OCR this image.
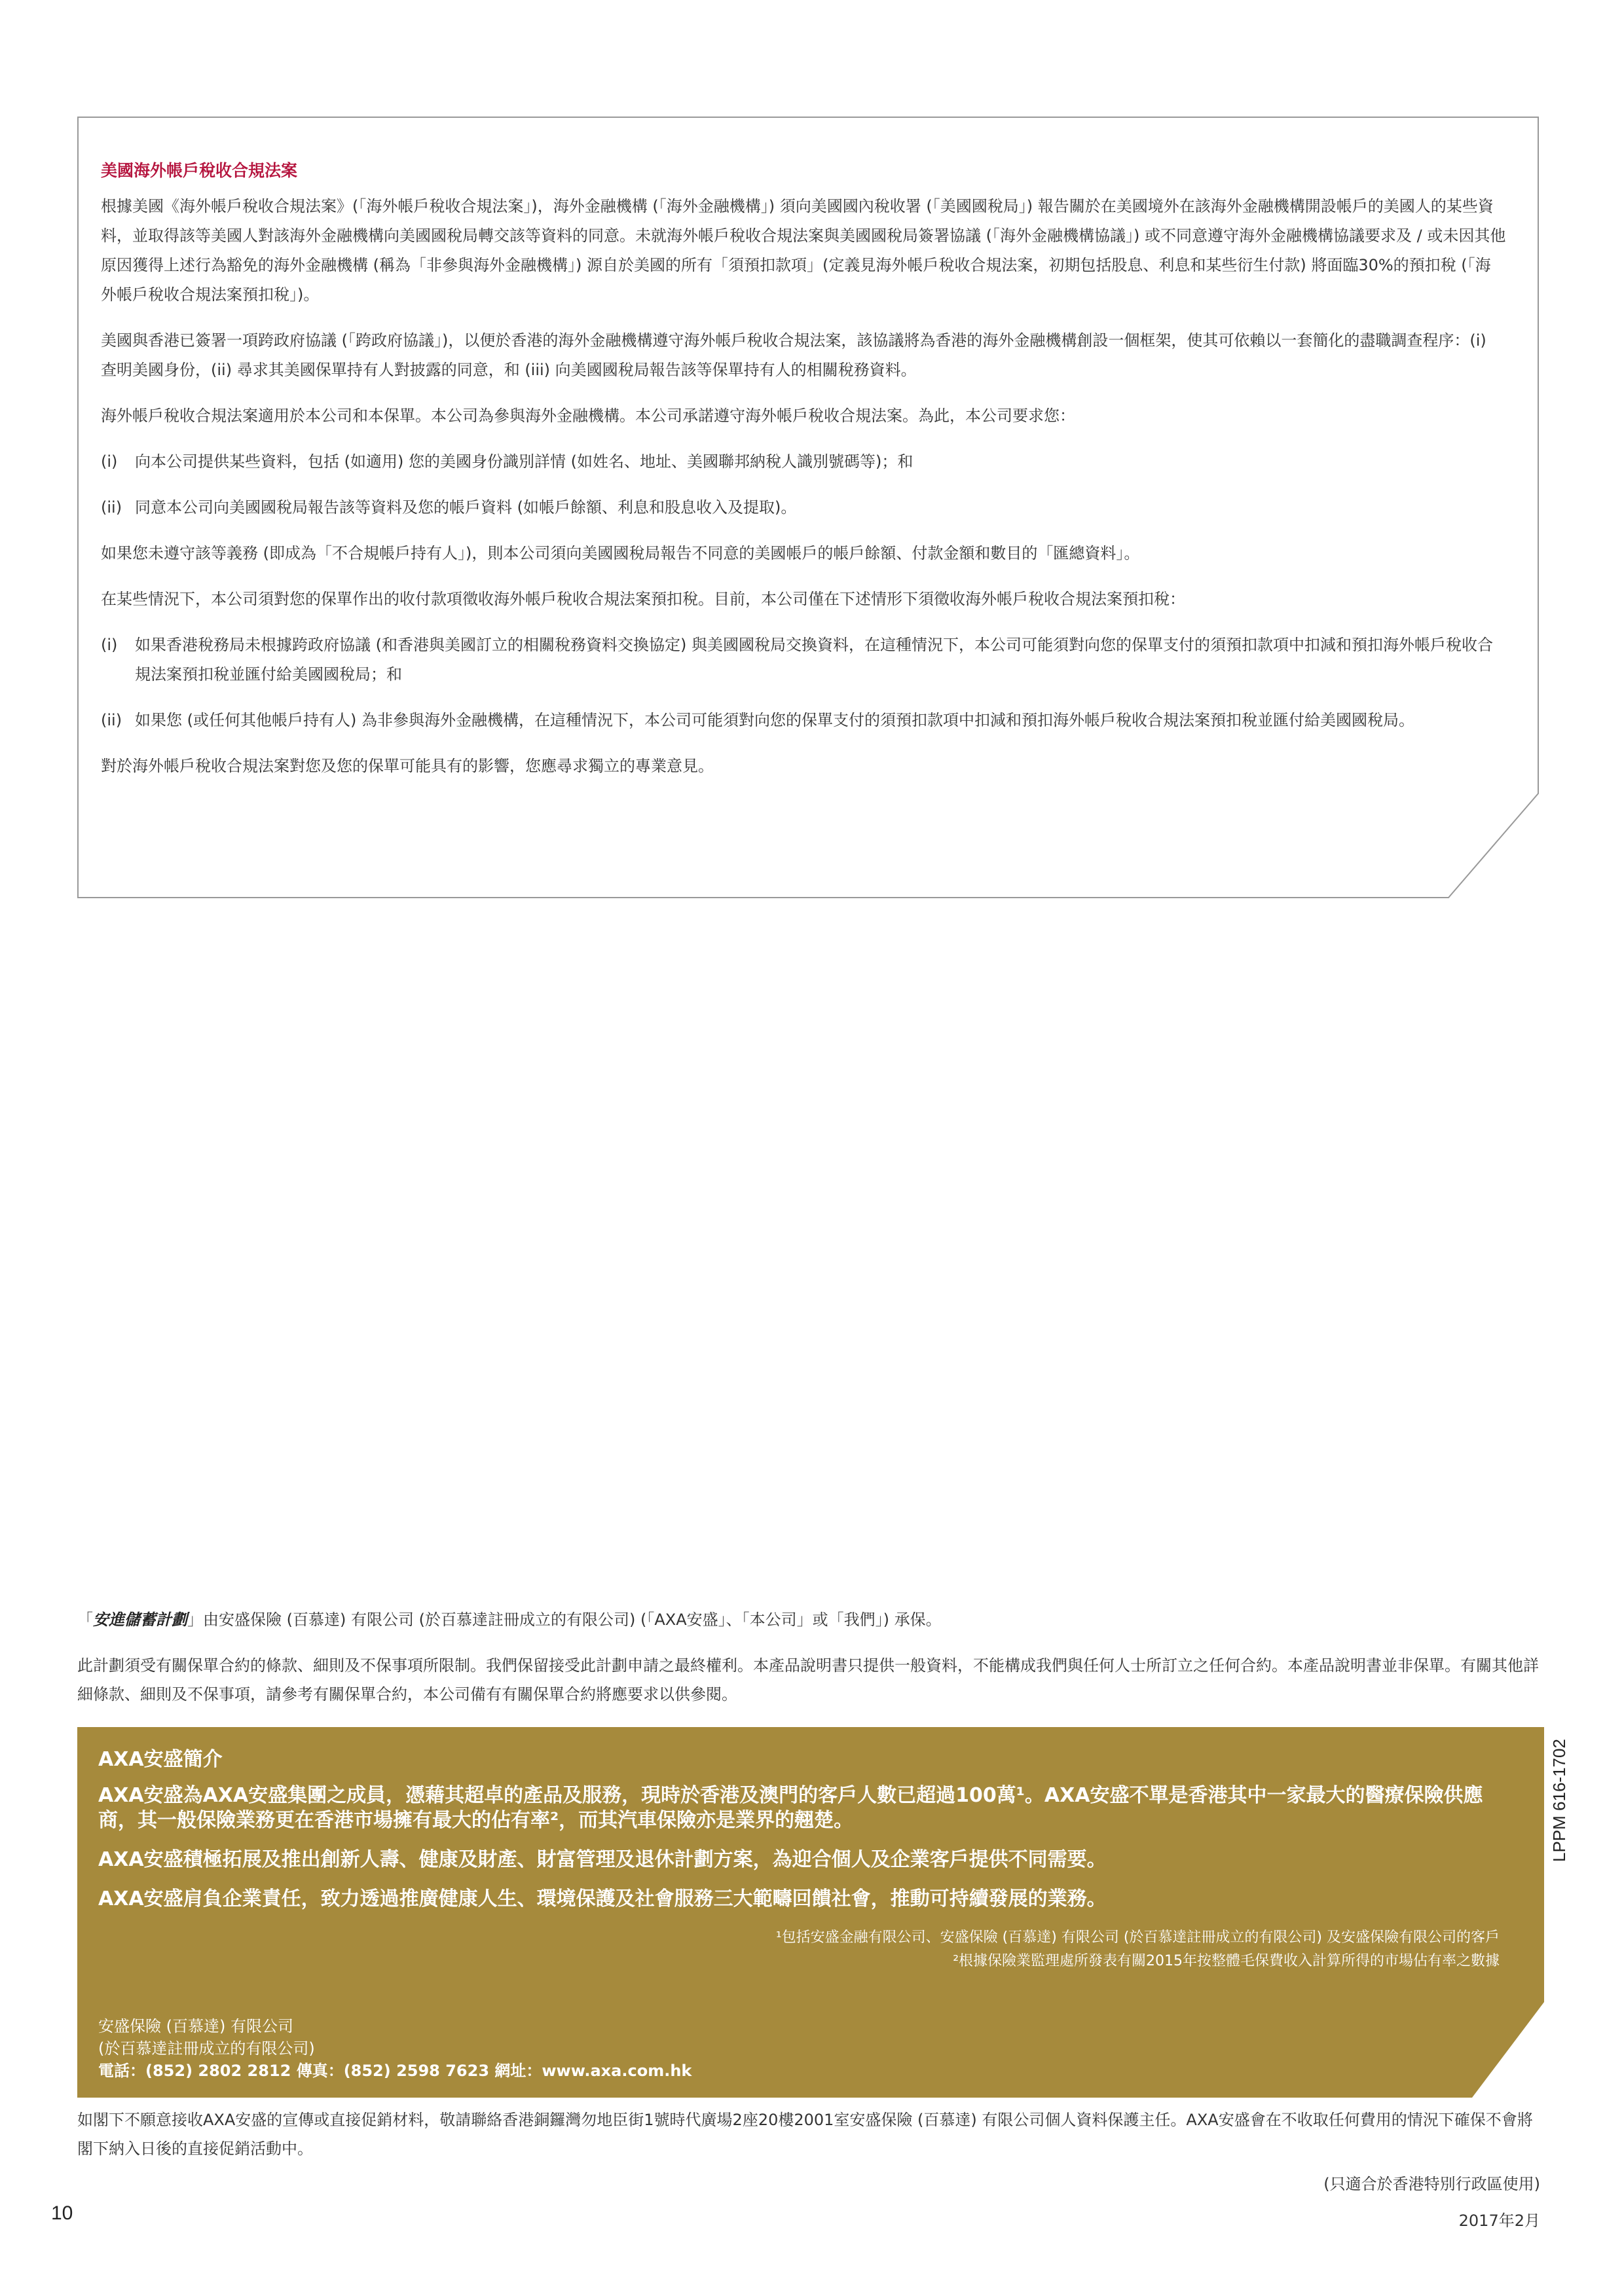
美國海外帳戶稅收合規法案

根據美國《海外帳戶稅收合規法案》(「海外帳戶稅收合規法案」)，海外金融機構 (「海外金融機構」) 須向美國國內稅收署 (「美國國稅局」) 報告關於在美國境外在該海外金融機構開設帳戶的美國人的某些資料，並取得該等美國人對該海外金融機構向美國國稅局轉交該等資料的同意。未就海外帳戶稅收合規法案與美國國稅局簽署協議 (「海外金融機構協議」) 或不同意遵守海外金融機構協議要求及 / 或未因其他原因獲得上述行為豁免的海外金融機構 (稱為「非參與海外金融機構」) 源自於美國的所有「須預扣款項」(定義見海外帳戶稅收合規法案，初期包括股息、利息和某些衍生付款) 將面臨30%的預扣稅 (「海外帳戶稅收合規法案預扣稅」)。

美國與香港已簽署一項跨政府協議 (「跨政府協議」)，以便於香港的海外金融機構遵守海外帳戶稅收合規法案，該協議將為香港的海外金融機構創設一個框架，使其可依賴以一套簡化的盡職調查程序：(i) 查明美國身份，(ii) 尋求其美國保單持有人對披露的同意，和 (iii) 向美國國稅局報告該等保單持有人的相關稅務資料。

海外帳戶稅收合規法案適用於本公司和本保單。本公司為參與海外金融機構。本公司承諾遵守海外帳戶稅收合規法案。為此，本公司要求您：

(i) 向本公司提供某些資料，包括 (如適用) 您的美國身份識別詳情 (如姓名、地址、美國聯邦納稅人識別號碼等)；和
(ii) 同意本公司向美國國稅局報告該等資料及您的帳戶資料 (如帳戶餘額、利息和股息收入及提取)。

如果您未遵守該等義務 (即成為「不合規帳戶持有人」)，則本公司須向美國國稅局報告不同意的美國帳戶的帳戶餘額、付款金額和數目的「匯總資料」。

在某些情況下，本公司須對您的保單作出的收付款項徵收海外帳戶稅收合規法案預扣稅。目前，本公司僅在下述情形下須徵收海外帳戶稅收合規法案預扣稅：

(i) 如果香港稅務局未根據跨政府協議 (和香港與美國訂立的相關稅務資料交換協定) 與美國國稅局交換資料，在這種情況下，本公司可能須對向您的保單支付的須預扣款項中扣減和預扣海外帳戶稅收合規法案預扣稅並匯付給美國國稅局；和
(ii) 如果您 (或任何其他帳戶持有人) 為非參與海外金融機構，在這種情況下，本公司可能須對向您的保單支付的須預扣款項中扣減和預扣海外帳戶稅收合規法案預扣稅並匯付給美國國稅局。

對於海外帳戶稅收合規法案對您及您的保單可能具有的影響，您應尋求獨立的專業意見。

「安進儲蓄計劃」由安盛保險 (百慕達) 有限公司 (於百慕達註冊成立的有限公司) (「AXA安盛」、「本公司」或「我們」) 承保。
此計劃須受有關保單合約的條款、細則及不保事項所限制。我們保留接受此計劃申請之最終權利。本產品說明書只提供一般資料，不能構成我們與任何人士所訂立之任何合約。本產品說明書並非保單。有關其他詳細條款、細則及不保事項，請參考有關保單合約，本公司備有有關保單合約將應要求以供參閱。
AXA安盛簡介
AXA安盛為AXA安盛集團之成員，憑藉其超卓的產品及服務，現時於香港及澳門的客戶人數已超過100萬¹。AXA安盛不單是香港其中一家最大的醫療保險供應商，其一般保險業務更在香港市場擁有最大的佔有率²，而其汽車保險亦是業界的翹楚。
AXA安盛積極拓展及推出創新人壽、健康及財產、財富管理及退休計劃方案，為迎合個人及企業客戶提供不同需要。
AXA安盛肩負企業責任，致力透過推廣健康人生、環境保護及社會服務三大範疇回饋社會，推動可持續發展的業務。

¹包括安盛金融有限公司、安盛保險 (百慕達) 有限公司 (於百慕達註冊成立的有限公司) 及安盛保險有限公司的客戶

²根據保險業監理處所發表有關2015年按整體毛保費收入計算所得的市場佔有率之數據

安盛保險 (百慕達) 有限公司
(於百慕達註冊成立的有限公司)
電話：(852) 2802 2812 傳真：(852) 2598 7623 網址：www.axa.com.hk
LPPM 616-1702
如閣下不願意接收AXA安盛的宣傳或直接促銷材料，敬請聯絡香港銅鑼灣勿地臣街1號時代廣場2座20樓2001室安盛保險 (百慕達) 有限公司個人資料保護主任。AXA安盛會在不收取任何費用的情況下確保不會將閣下納入日後的直接促銷活動中。
(只適合於香港特別行政區使用)
10	2017年2月
